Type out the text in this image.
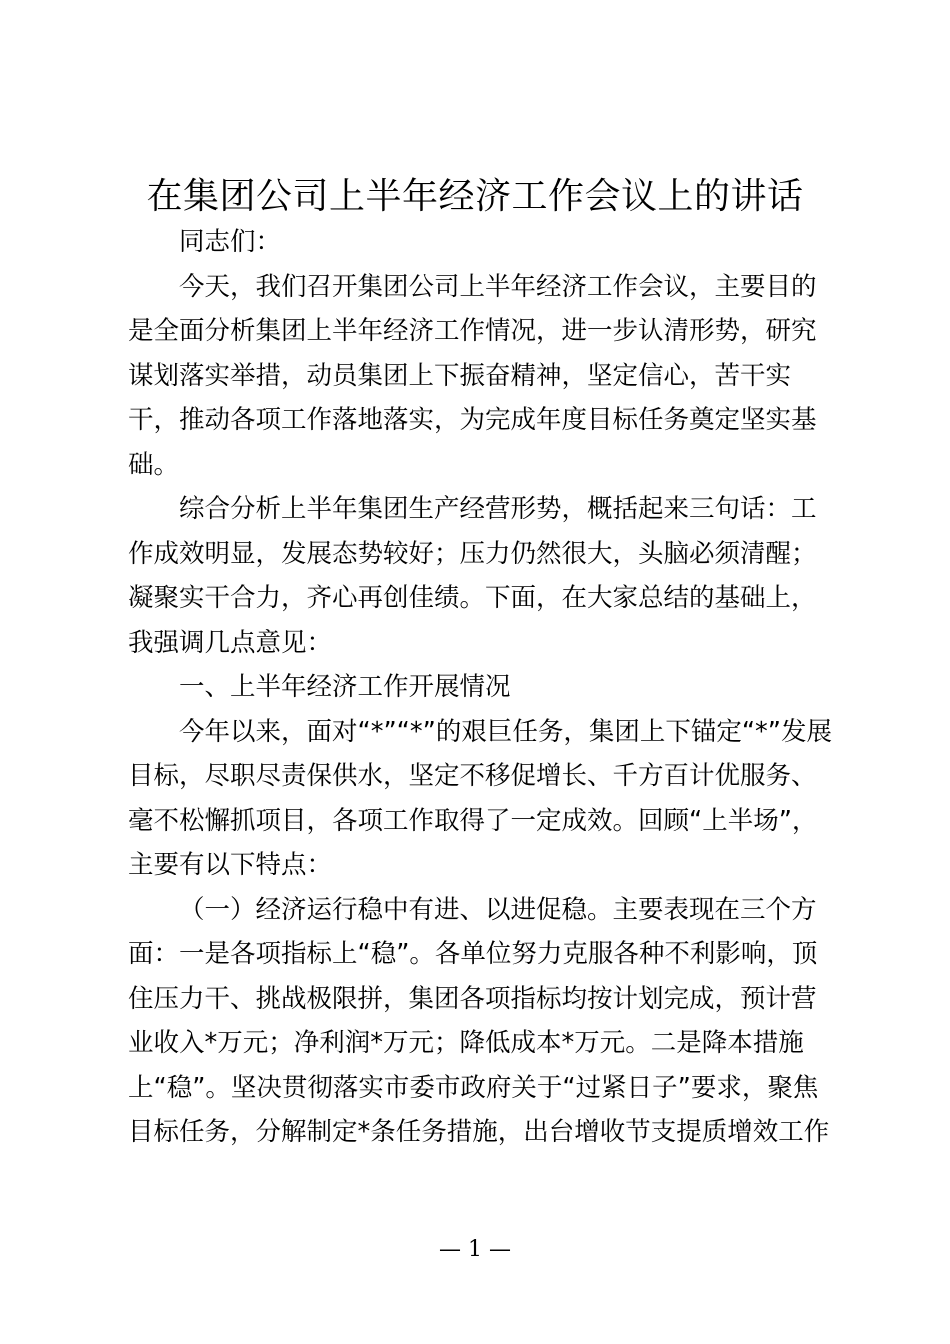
在集团公司上半年经济工作会议上的讲话
同志们：
今天，我们召开集团公司上半年经济工作会议，主要目的
是全面分析集团上半年经济工作情况，进一步认清形势，研究
谋划落实举措，动员集团上下振奋精神，坚定信心，苦干实
干，推动各项工作落地落实，为完成年度目标任务奠定坚实基
础。
综合分析上半年集团生产经营形势，概括起来三句话：工
作成效明显，发展态势较好；压力仍然很大，头脑必须清醒；
凝聚实干合力，齐心再创佳绩。下面，在大家总结的基础上，
我强调几点意见：
一、上半年经济工作开展情况
今年以来，面对“*”“*”的艰巨任务，集团上下锚定“*”发展
目标，尽职尽责保供水，坚定不移促增长、千方百计优服务、
毫不松懈抓项目，各项工作取得了一定成效。回顾“上半场”，
主要有以下特点：
（一）经济运行稳中有进、以进促稳。主要表现在三个方
面：一是各项指标上“稳”。各单位努力克服各种不利影响，顶
住压力干、挑战极限拼，集团各项指标均按计划完成，预计营
业收入*万元；净利润*万元；降低成本*万元。二是降本措施
上“稳”。坚决贯彻落实市委市政府关于“过紧日子”要求，聚焦
目标任务，分解制定*条任务措施，出台增收节支提质增效工作
— 1 —
